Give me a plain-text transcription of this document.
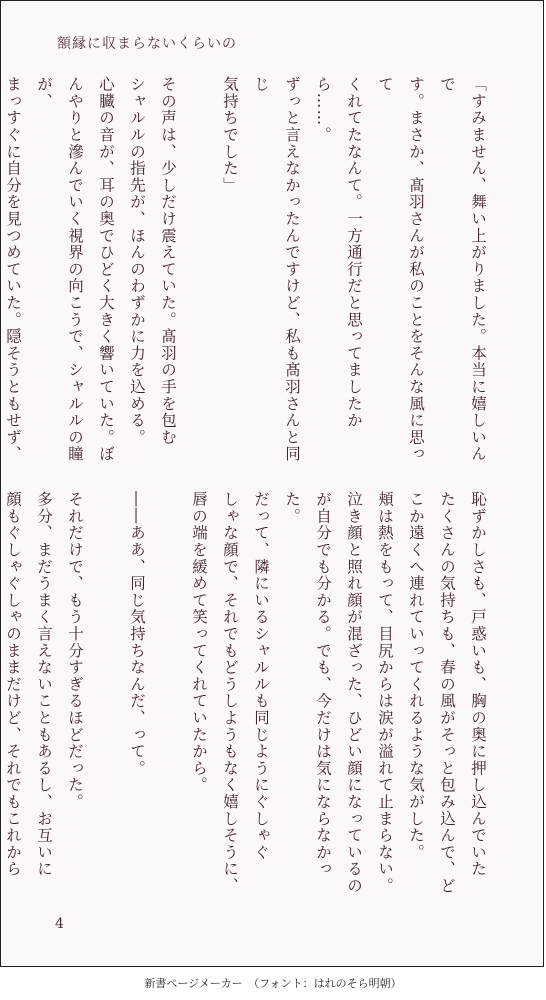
額縁に収まらないくらいの

「すみません、舞い上がりました。本当に嬉しいんで
す。まさか、髙羽さんが私のことをそんな風に思って
くれてたなんて。一方通行だと思ってましたから……。
ずっと言えなかったんですけど、私も髙羽さんと同じ
気持ちでした」

その声は、少しだけ震えていた。髙羽の手を包む
シャルルの指先が、ほんのわずかに力を込める。
心臓の音が、耳の奥でひどく大きく響いていた。ぼ
んやりと滲んでいく視界の向こうで、シャルルの瞳が、
まっすぐに自分を見つめていた。隠そうともせず、

恥ずかしさも、戸惑いも、胸の奥に押し込んでいた
たくさんの気持ちも、春の風がそっと包み込んで、ど
こか遠くへ連れていってくれるような気がした。

頬は熱をもって、目尻からは涙が溢れて止まらない。
泣き顔と照れ顔が混ざった、ひどい顔になっているの
が自分でも分かる。でも、今だけは気にならなかった。
だって、隣にいるシャルルも同じようにぐしゃぐ
しゃな顔で、それでもどうしようもなく嬉しそうに、
唇の端を緩めて笑ってくれていたから。

――ああ、同じ気持ちなんだ、って。

それだけで、もう十分すぎるほどだった。
多分、まだうまく言えないこともあるし、お互いに
顔もぐしゃぐしゃのままだけど、それでもこれから

4
新書ページメーカー　（フォント：はれのそら明朝）
